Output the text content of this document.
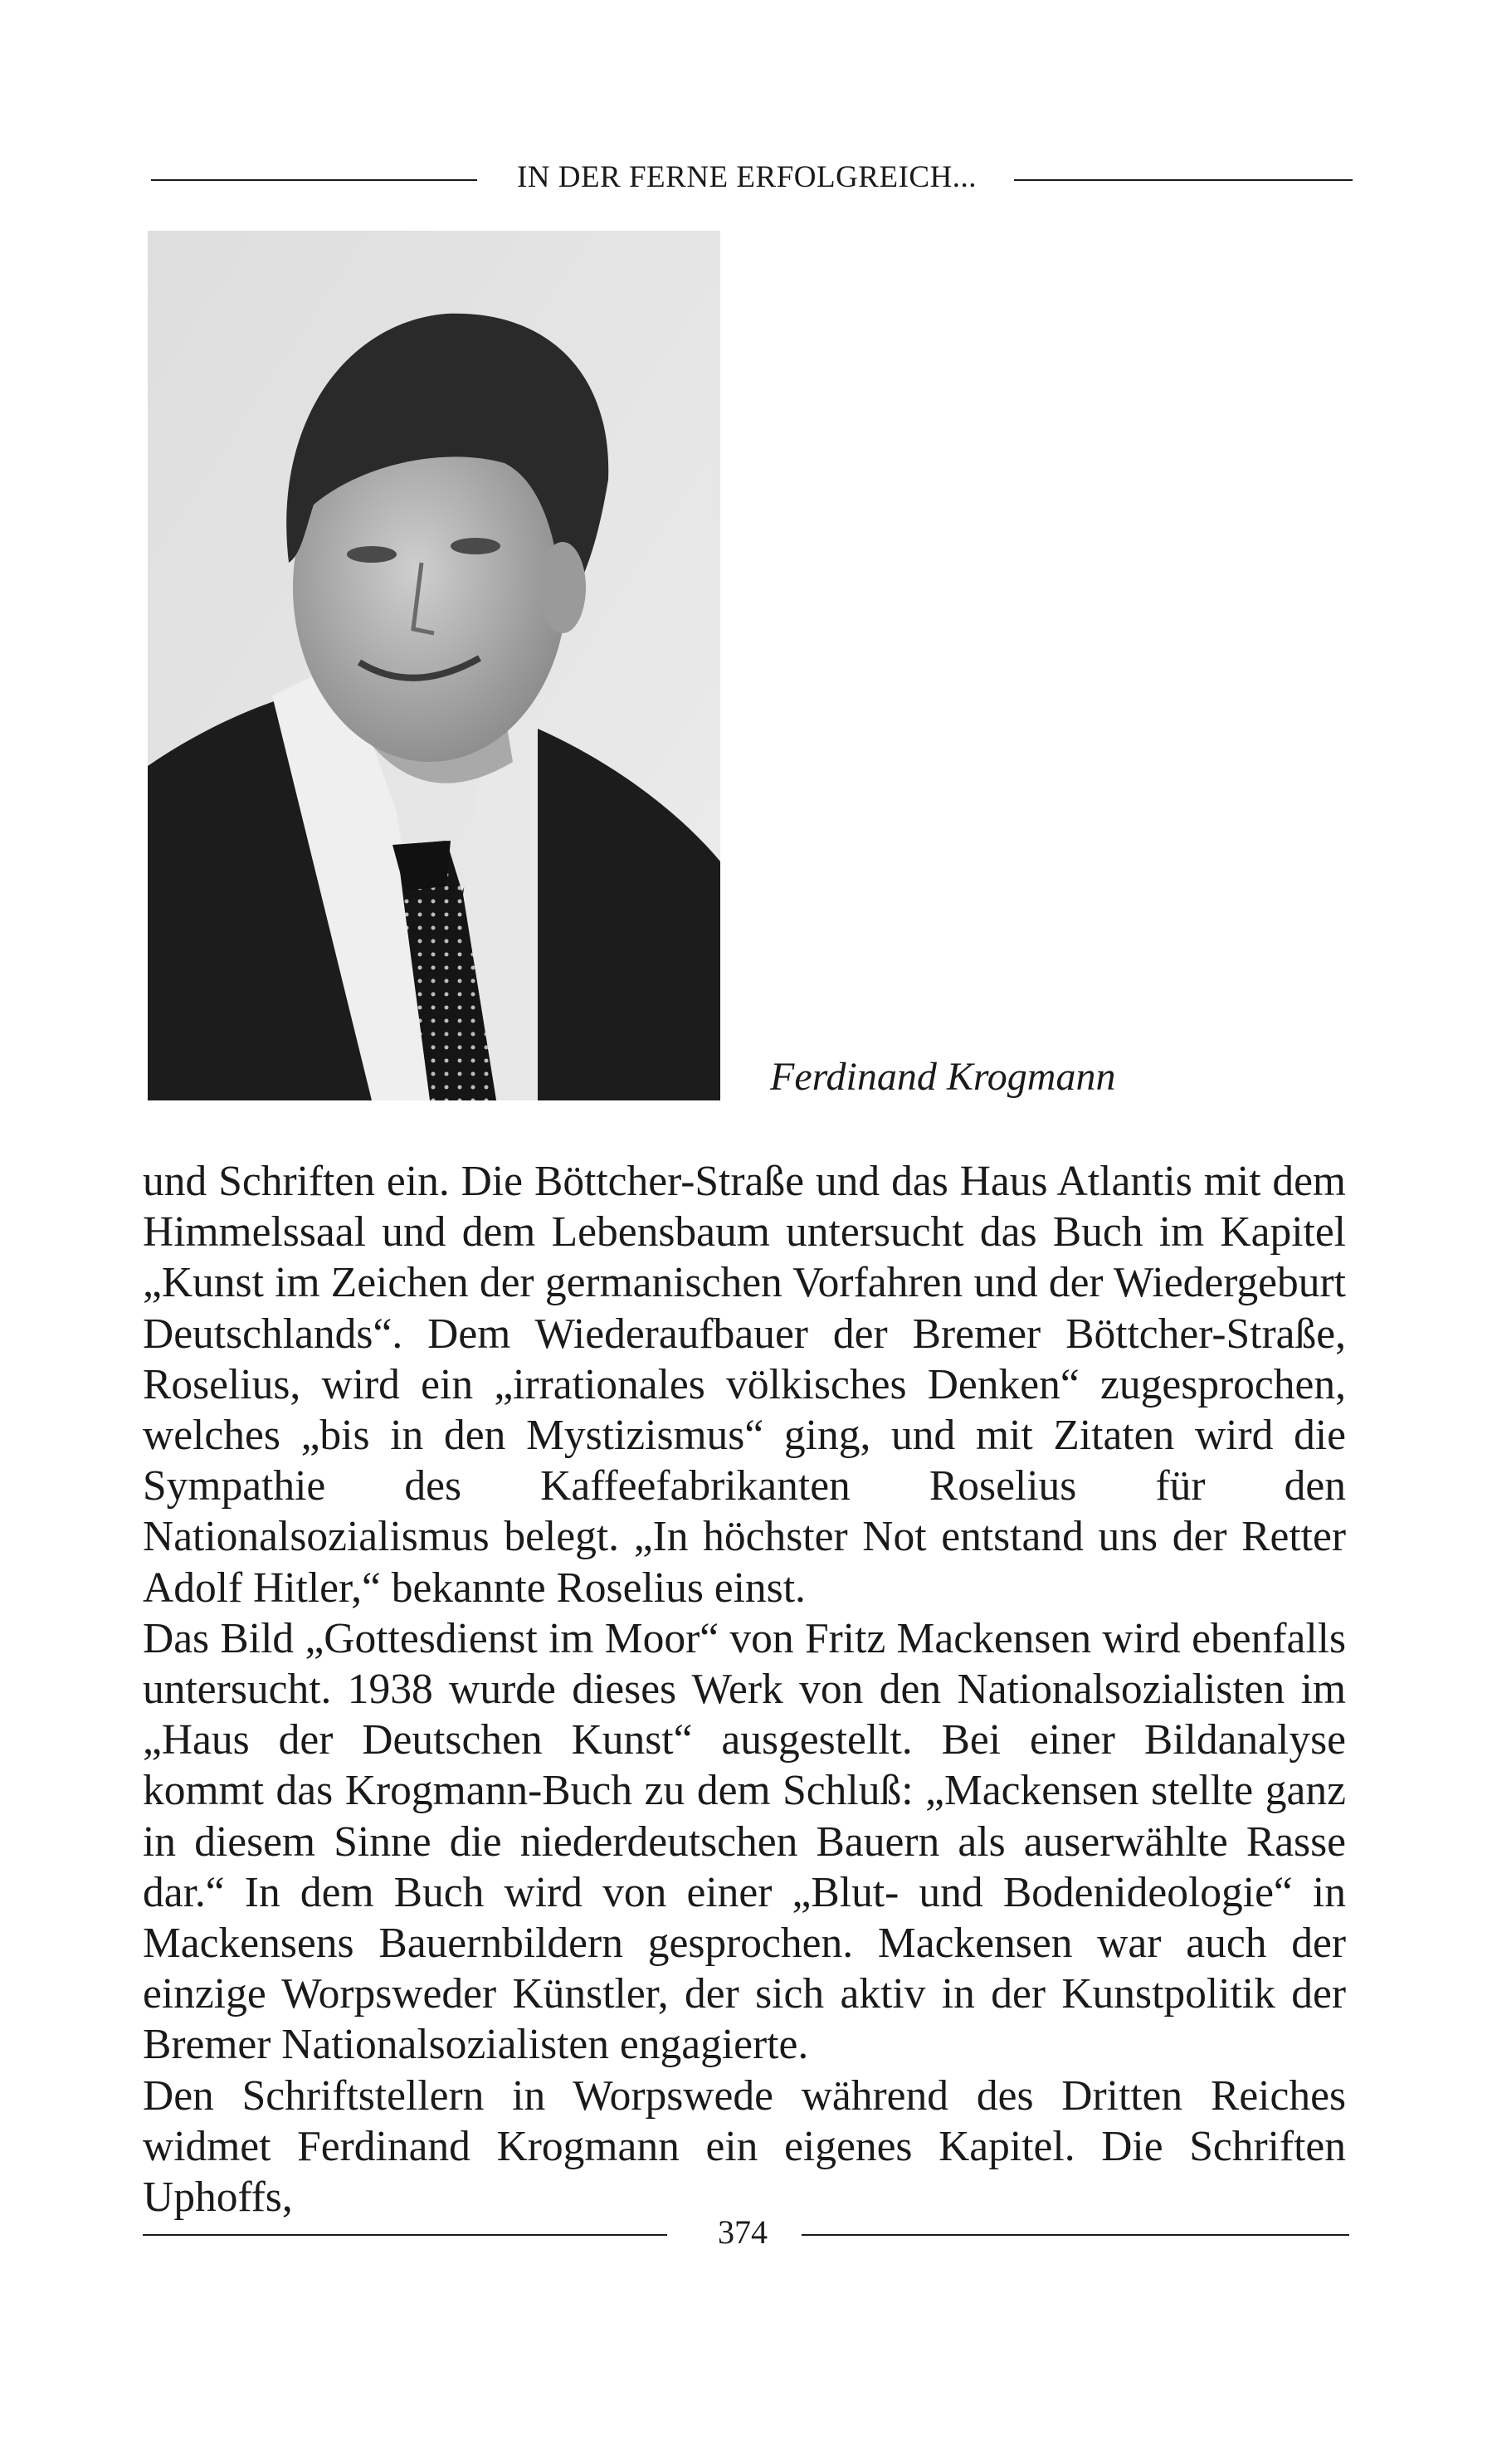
IN DER FERNE ERFOLGREICH...
Ferdinand Krogmann

und Schriften ein. Die Böttcher-Straße und das Haus Atlantis mit dem Himmelssaal und dem Lebensbaum untersucht das Buch im Kapitel „Kunst im Zeichen der germanischen Vorfahren und der Wiedergeburt Deutschlands“. Dem Wiederaufbauer der Bremer Böttcher-Straße, Roselius, wird ein „irrationales völkisches Denken“ zugesprochen, welches „bis in den Mystizismus“ ging, und mit Zitaten wird die Sympathie des Kaffeefabrikanten Roselius für den Nationalsozialismus belegt. „In höchster Not entstand uns der Retter Adolf Hitler,“ bekannte Roselius einst.

Das Bild „Gottesdienst im Moor“ von Fritz Mackensen wird ebenfalls untersucht. 1938 wurde dieses Werk von den Nationalsozialisten im „Haus der Deutschen Kunst“ ausgestellt. Bei einer Bildanalyse kommt das Krogmann-Buch zu dem Schluß: „Mackensen stellte ganz in diesem Sinne die niederdeutschen Bauern als auserwählte Rasse dar.“ In dem Buch wird von einer „Blut- und Bodenideologie“ in Mackensens Bauernbildern gesprochen. Mackensen war auch der einzige Worpsweder Künstler, der sich aktiv in der Kunstpolitik der Bremer Nationalsozialisten engagierte.

Den Schriftstellern in Worpswede während des Dritten Reiches widmet Ferdinand Krogmann ein eigenes Kapitel. Die Schriften Uphoffs,

374
